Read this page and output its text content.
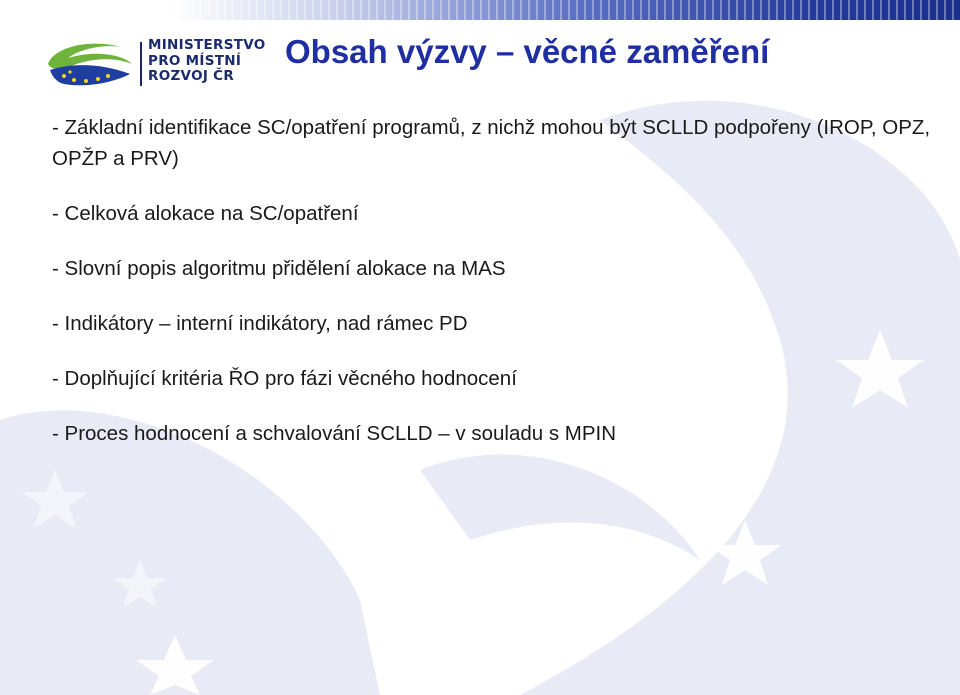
MINISTERSTVO
PRO MÍSTNÍ
ROZVOJ ČR
Obsah výzvy – věcné zaměření

- Základní identifikace SC/opatření programů, z nichž mohou být SCLLD podpořeny (IROP, OPZ, OPŽP a PRV)

- Celková alokace na SC/opatření

- Slovní popis algoritmu přidělení alokace na MAS

- Indikátory – interní indikátory, nad rámec PD

- Doplňující kritéria ŘO pro fázi věcného hodnocení

- Proces hodnocení a schvalování SCLLD – v souladu s MPIN
